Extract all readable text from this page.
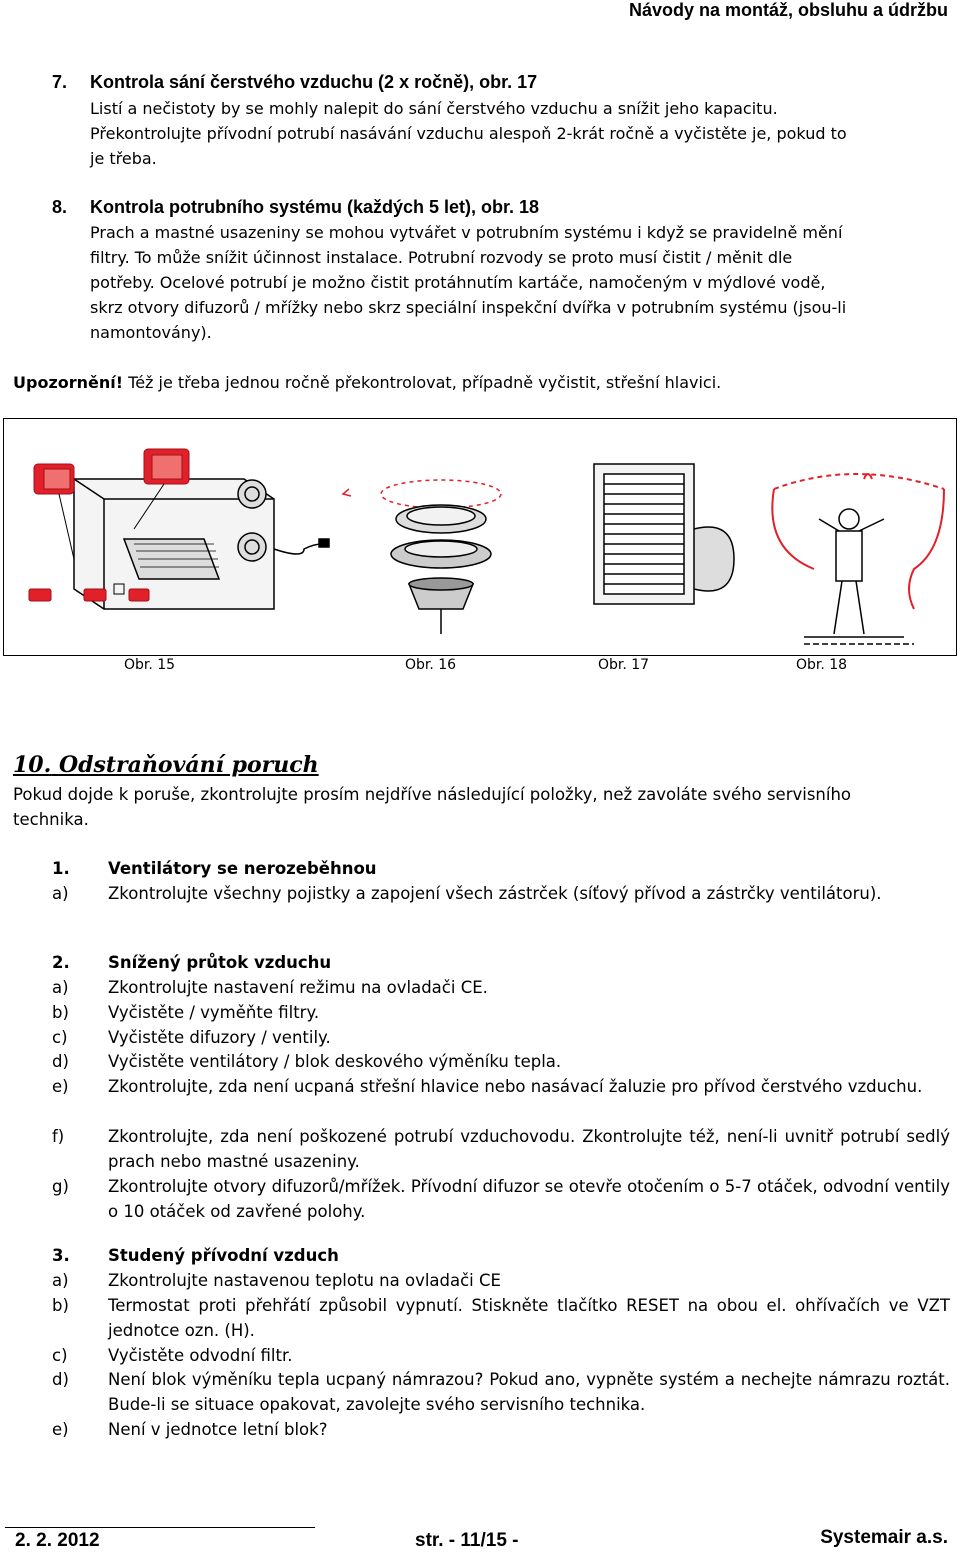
Návody na montáž, obsluhu a údržbu
7. Kontrola sání čerstvého vzduchu (2 x ročně), obr. 17
Listí a nečistoty by se mohly nalepit do sání čerstvého vzduchu a snížit jeho kapacitu.
Překontrolujte přívodní potrubí nasávání vzduchu alespoň 2-krát ročně a vyčistěte je, pokud to
je třeba.
8. Kontrola potrubního systému (každých 5 let), obr. 18
Prach a mastné usazeniny se mohou vytvářet v potrubním systému i když se pravidelně mění
filtry. To může snížit účinnost instalace. Potrubní rozvody se proto musí čistit / měnit dle
potřeby. Ocelové potrubí je možno čistit protáhnutím kartáče, namočeným v mýdlové vodě,
skrz otvory difuzorů / mřížky nebo skrz speciální inspekční dvířka v potrubním systému (jsou-li
namontovány).
Upozornění! Též je třeba jednou ročně překontrolovat, případně vyčistit, střešní hlavici.
Obr. 15	Obr. 16	Obr. 17	Obr. 18
10. Odstraňování poruch
Pokud dojde k poruše, zkontrolujte prosím nejdříve následující položky, než zavoláte svého servisního
technika.
1.	Ventilátory se nerozeběhnou
a)	Zkontrolujte všechny pojistky a zapojení všech zástrček (síťový přívod a zástrčky ventilátoru).
2.	Snížený průtok vzduchu
a)	Zkontrolujte nastavení režimu na ovladači CE.
b)	Vyčistěte / vyměňte filtry.
c)	Vyčistěte difuzory / ventily.
d)	Vyčistěte ventilátory / blok deskového výměníku tepla.
e)	Zkontrolujte, zda není ucpaná střešní hlavice nebo nasávací žaluzie pro přívod čerstvého vzduchu.
f)	Zkontrolujte, zda není poškozené potrubí vzduchovodu. Zkontrolujte též, není-li uvnitř potrubí sedlý prach nebo mastné usazeniny.
g)	Zkontrolujte otvory difuzorů/mřížek. Přívodní difuzor se otevře otočením o 5-7 otáček, odvodní ventily o 10 otáček od zavřené polohy.
3.	Studený přívodní vzduch
a)	Zkontrolujte nastavenou teplotu na ovladači CE
b)	Termostat proti přehřátí způsobil vypnutí. Stiskněte tlačítko RESET na obou el. ohřívačích ve VZT jednotce ozn. (H).
c)	Vyčistěte odvodní filtr.
d)	Není blok výměníku tepla ucpaný námrazou? Pokud ano, vypněte systém a nechejte námrazu roztát. Bude-li se situace opakovat, zavolejte svého servisního technika.
e)	Není v jednotce letní blok?
2. 2. 2012	str. - 11/15 -	Systemair a.s.
